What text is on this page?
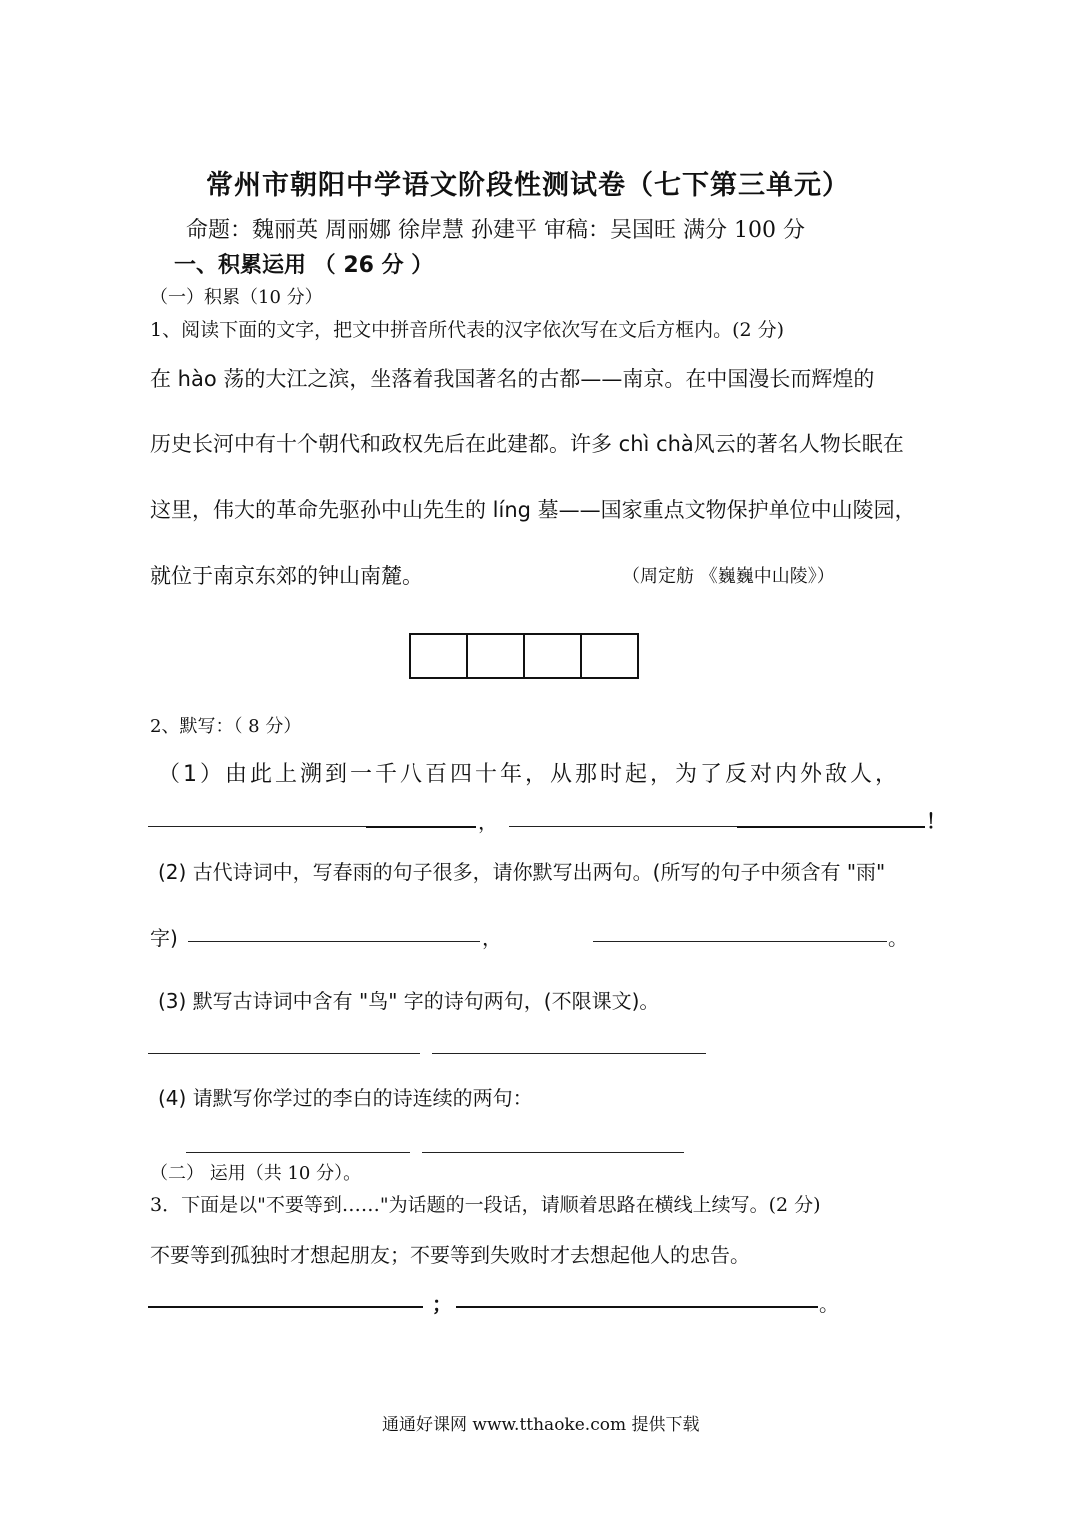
常州市朝阳中学语文阶段性测试卷（七下第三单元）
命题：魏丽英 周丽娜 徐岸慧 孙建平 审稿：吴国旺 满分 100 分
一、积累运用 （ 26 分 ）
（一）积累（10 分）
1、阅读下面的文字，把文中拼音所代表的汉字依次写在文后方框内。(2 分)
在 hào 荡的大江之滨，坐落着我国著名的古都——南京。在中国漫长而辉煌的
历史长河中有十个朝代和政权先后在此建都。许多 chì chà风云的著名人物长眠在
这里，伟大的革命先驱孙中山先生的 líng 墓——国家重点文物保护单位中山陵园，
就位于南京东郊的钟山南麓。	（周定舫 《巍巍中山陵》）
2、默写：（ 8 分）
（1）由此上溯到一千八百四十年，从那时起，为了反对内外敌人，
，	！
(2) 古代诗词中，写春雨的句子很多，请你默写出两句。(所写的句子中须含有 "雨"
字)	，	。
(3) 默写古诗词中含有 "鸟" 字的诗句两句，(不限课文)。
(4) 请默写你学过的李白的诗连续的两句：
（二） 运用（共 10 分）。
3．下面是以"不要等到……"为话题的一段话，请顺着思路在横线上续写。(2 分)
不要等到孤独时才想起朋友；不要等到失败时才去想起他人的忠告。
；	。
通通好课网 www.tthaoke.com 提供下载
